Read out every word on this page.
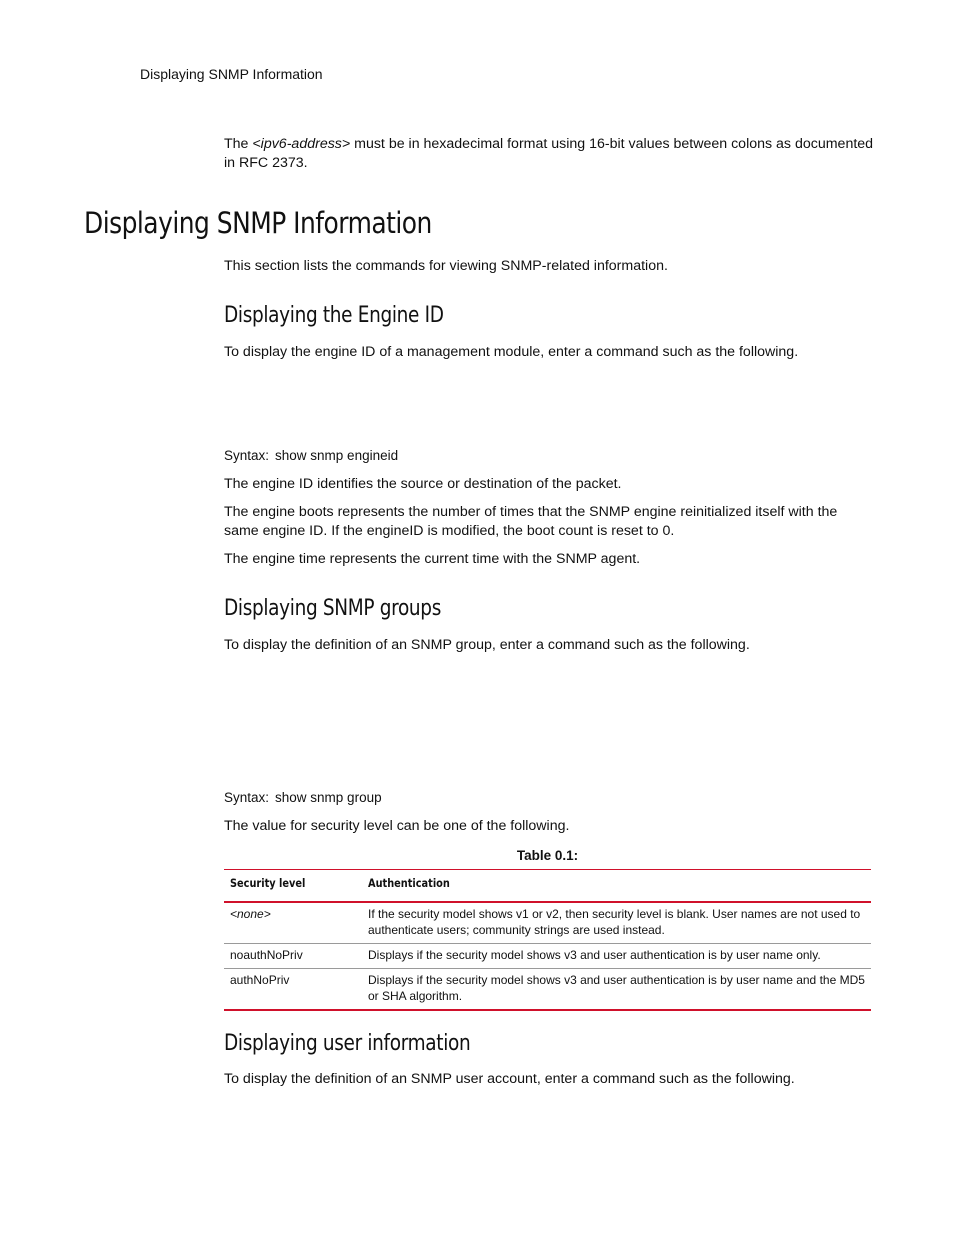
Displaying SNMP Information
The <ipv6-address> must be in hexadecimal format using 16-bit values between colons as documented in RFC 2373.
Displaying SNMP Information
This section lists the commands for viewing SNMP-related information.
Displaying the Engine ID
To display the engine ID of a management module, enter a command such as the following.
Syntax: show snmp engineid
The engine ID identifies the source or destination of the packet.
The engine boots represents the number of times that the SNMP engine reinitialized itself with the same engine ID. If the engineID is modified, the boot count is reset to 0.
The engine time represents the current time with the SNMP agent.
Displaying SNMP groups
To display the definition of an SNMP group, enter a command such as the following.
Syntax: show snmp group
The value for security level can be one of the following.
Table 0.1:
Security level	Authentication
<none>	If the security model shows v1 or v2, then security level is blank. User names are not used to authenticate users; community strings are used instead.
noauthNoPriv	Displays if the security model shows v3 and user authentication is by user name only.
authNoPriv	Displays if the security model shows v3 and user authentication is by user name and the MD5 or SHA algorithm.
Displaying user information
To display the definition of an SNMP user account, enter a command such as the following.
